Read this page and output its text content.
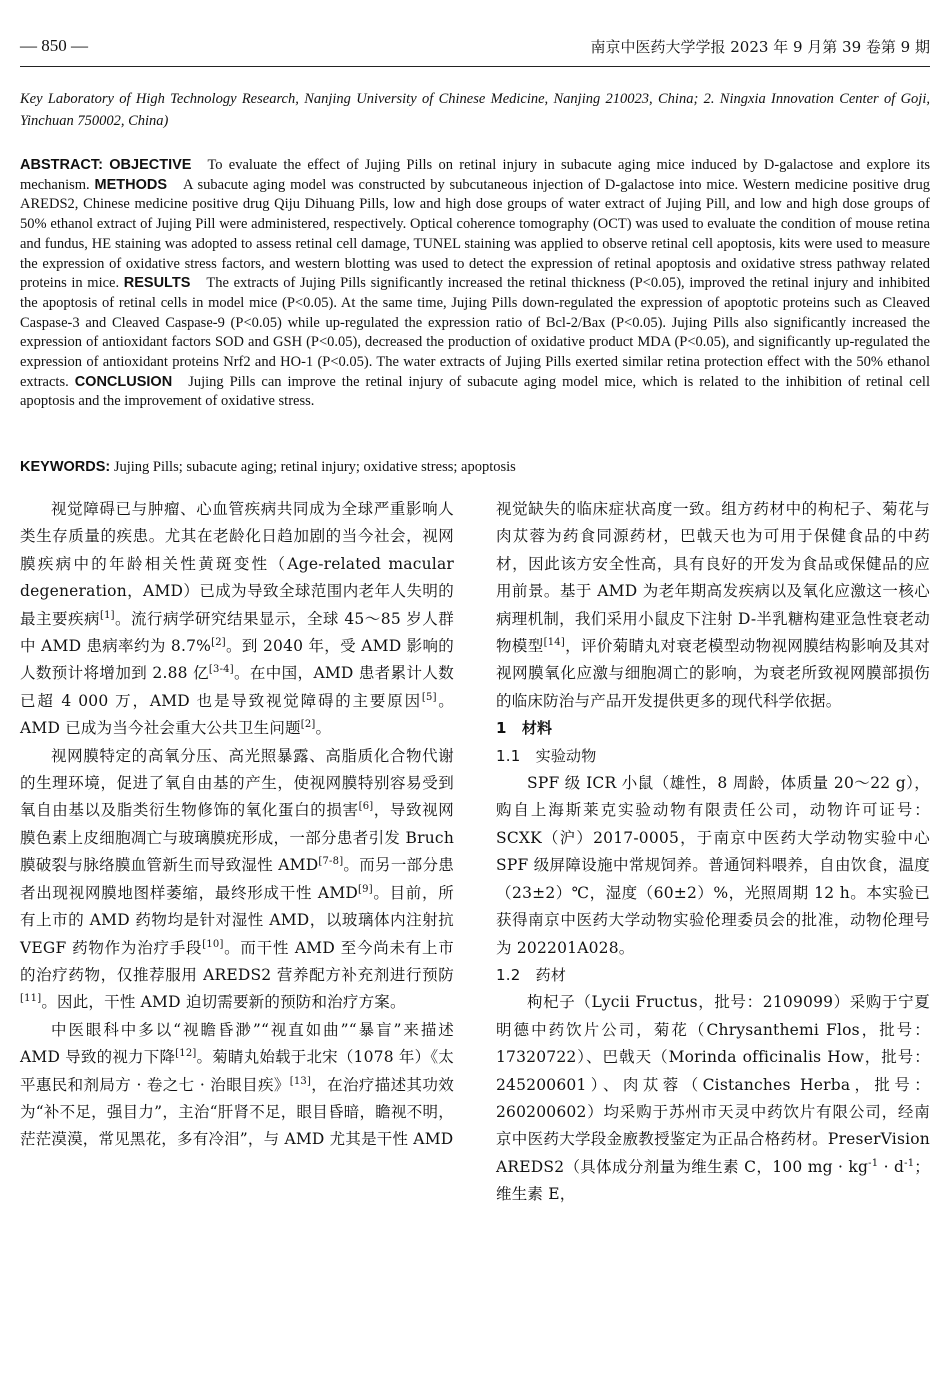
— 850 —	南京中医药大学学报 2023 年 9 月第 39 卷第 9 期
Key Laboratory of High Technology Research, Nanjing University of Chinese Medicine, Nanjing 210023, China; 2. Ningxia Innovation Center of Goji, Yinchuan 750002, China)
ABSTRACT: OBJECTIVE To evaluate the effect of Jujing Pills on retinal injury in subacute aging mice induced by D-galactose and explore its mechanism. METHODS A subacute aging model was constructed by subcutaneous injection of D-galactose into mice. Western medicine positive drug AREDS2, Chinese medicine positive drug Qiju Dihuang Pills, low and high dose groups of water extract of Jujing Pill, and low and high dose groups of 50% ethanol extract of Jujing Pill were administered, respectively. Optical coherence tomography (OCT) was used to evaluate the condition of mouse retina and fundus, HE staining was adopted to assess retinal cell damage, TUNEL staining was applied to observe retinal cell apoptosis, kits were used to measure the expression of oxidative stress factors, and western blotting was used to detect the expression of retinal apoptosis and oxidative stress pathway related proteins in mice. RESULTS The extracts of Jujing Pills significantly increased the retinal thickness (P<0.05), improved the retinal injury and inhibited the apoptosis of retinal cells in model mice (P<0.05). At the same time, Jujing Pills down-regulated the expression of apoptotic proteins such as Cleaved Caspase-3 and Cleaved Caspase-9 (P<0.05) while up-regulated the expression ratio of Bcl-2/Bax (P<0.05). Jujing Pills also significantly increased the expression of antioxidant factors SOD and GSH (P<0.05), decreased the production of oxidative product MDA (P<0.05), and significantly up-regulated the expression of antioxidant proteins Nrf2 and HO-1 (P<0.05). The water extracts of Jujing Pills exerted similar retina protection effect with the 50% ethanol extracts. CONCLUSION Jujing Pills can improve the retinal injury of subacute aging model mice, which is related to the inhibition of retinal cell apoptosis and the improvement of oxidative stress.
KEYWORDS: Jujing Pills; subacute aging; retinal injury; oxidative stress; apoptosis

视觉障碍已与肿瘤、心血管疾病共同成为全球严重影响人类生存质量的疾患。尤其在老龄化日趋加剧的当今社会，视网膜疾病中的年龄相关性黄斑变性（Age-related macular degeneration，AMD）已成为导致全球范围内老年人失明的最主要疾病[1]。流行病学研究结果显示，全球 45～85 岁人群中 AMD 患病率约为 8.7%[2]。到 2040 年，受 AMD 影响的人数预计将增加到 2.88 亿[3-4]。在中国，AMD 患者累计人数已超 4 000 万，AMD 也是导致视觉障碍的主要原因[5]。AMD 已成为当今社会重大公共卫生问题[2]。

视网膜特定的高氧分压、高光照暴露、高脂质化合物代谢的生理环境，促进了氧自由基的产生，使视网膜特别容易受到氧自由基以及脂类衍生物修饰的氧化蛋白的损害[6]，导致视网膜色素上皮细胞凋亡与玻璃膜疣形成，一部分患者引发 Bruch 膜破裂与脉络膜血管新生而导致湿性 AMD[7-8]。而另一部分患者出现视网膜地图样萎缩，最终形成干性 AMD[9]。目前，所有上市的 AMD 药物均是针对湿性 AMD，以玻璃体内注射抗 VEGF 药物作为治疗手段[10]。而干性 AMD 至今尚未有上市的治疗药物，仅推荐服用 AREDS2 营养配方补充剂进行预防[11]。因此，干性 AMD 迫切需要新的预防和治疗方案。

中医眼科中多以“视瞻昏渺”“视直如曲”“暴盲”来描述 AMD 导致的视力下降[12]。菊睛丸始载于北宋（1078 年）《太平惠民和剂局方 · 卷之七 · 治眼目疾》[13]，在治疗描述其功效为“补不足，强目力”，主治“肝肾不足，眼目昏暗，瞻视不明，茫茫漠漠，常见黑花，多有冷泪”，与 AMD 尤其是干性 AMD

视觉缺失的临床症状高度一致。组方药材中的枸杞子、菊花与肉苁蓉为药食同源药材，巴戟天也为可用于保健食品的中药材，因此该方安全性高，具有良好的开发为食品或保健品的应用前景。基于 AMD 为老年期高发疾病以及氧化应激这一核心病理机制，我们采用小鼠皮下注射 D-半乳糖构建亚急性衰老动物模型[14]，评价菊睛丸对衰老模型动物视网膜结构影响及其对视网膜氧化应激与细胞凋亡的影响，为衰老所致视网膜部损伤的临床防治与产品开发提供更多的现代科学依据。

1　材料
1.1　实验动物

SPF 级 ICR 小鼠（雄性，8 周龄，体质量 20～22 g），购自上海斯莱克实验动物有限责任公司，动物许可证号：SCXK（沪）2017-0005，于南京中医药大学动物实验中心 SPF 级屏障设施中常规饲养。普通饲料喂养，自由饮食，温度（23±2）℃，湿度（60±2）%，光照周期 12 h。本实验已获得南京中医药大学动物实验伦理委员会的批准，动物伦理号为 202201A028。

1.2　药材

枸杞子（Lycii Fructus，批号：2109099）采购于宁夏明德中药饮片公司，菊花（Chrysanthemi Flos，批号：17320722）、巴戟天（Morinda officinalis How，批号：245200601）、肉苁蓉（Cistanches Herba，批号：260200602）均采购于苏州市天灵中药饮片有限公司，经南京中医药大学段金廒教授鉴定为正品合格药材。PreserVision AREDS2（具体成分剂量为维生素 C，100 mg · $kg^{-1} \cdot d^{-1}$；维生素 E，
